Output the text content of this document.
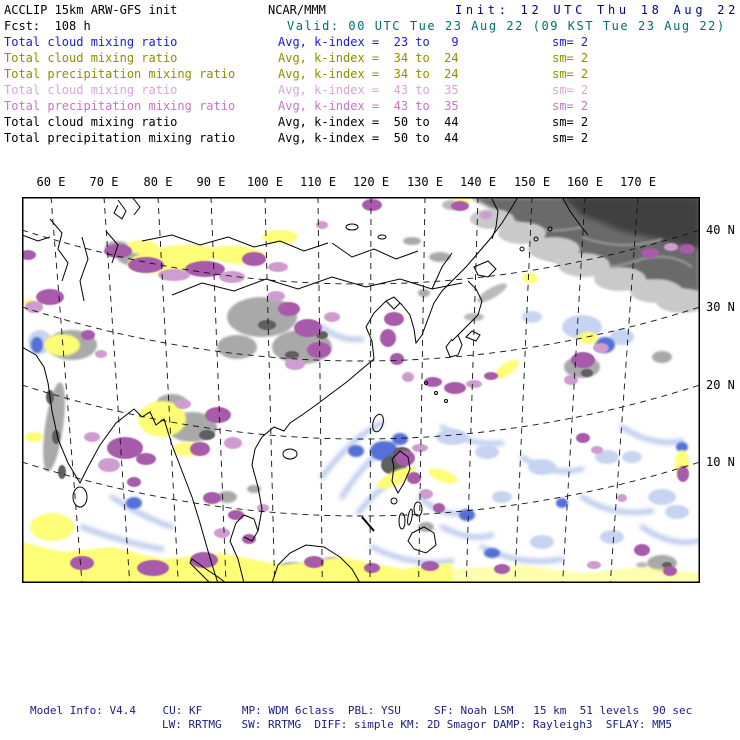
ACCLIP 15km ARW-GFS init	NCAR/MMM	Init: 12 UTC Thu 18 Aug 22
Fcst:  108 h	Valid: 00 UTC Tue 23 Aug 22 (09 KST Tue 23 Aug 22)
Total cloud mixing ratio	Avg, k-index =  23 to   9	sm= 2
Total cloud mixing ratio	Avg, k-index =  34 to  24	sm= 2
Total precipitation mixing ratio	Avg, k-index =  34 to  24	sm= 2
Total cloud mixing ratio	Avg, k-index =  43 to  35	sm= 2
Total precipitation mixing ratio	Avg, k-index =  43 to  35	sm= 2
Total cloud mixing ratio	Avg, k-index =  50 to  44	sm= 2
Total precipitation mixing ratio	Avg, k-index =  50 to  44	sm= 2
60 E 70 E 80 E 90 E 100 E 110 E 120 E 130 E 140 E 150 E 160 E 170 E
40 N
30 N
20 N
10 N
Model Info: V4.4    CU: KF      MP: WDM 6class  PBL: YSU     SF: Noah LSM   15 km  51 levels  90 sec
LW: RRTMG   SW: RRTMG  DIFF: simple KM: 2D Smagor DAMP: Rayleigh3  SFLAY: MM5
